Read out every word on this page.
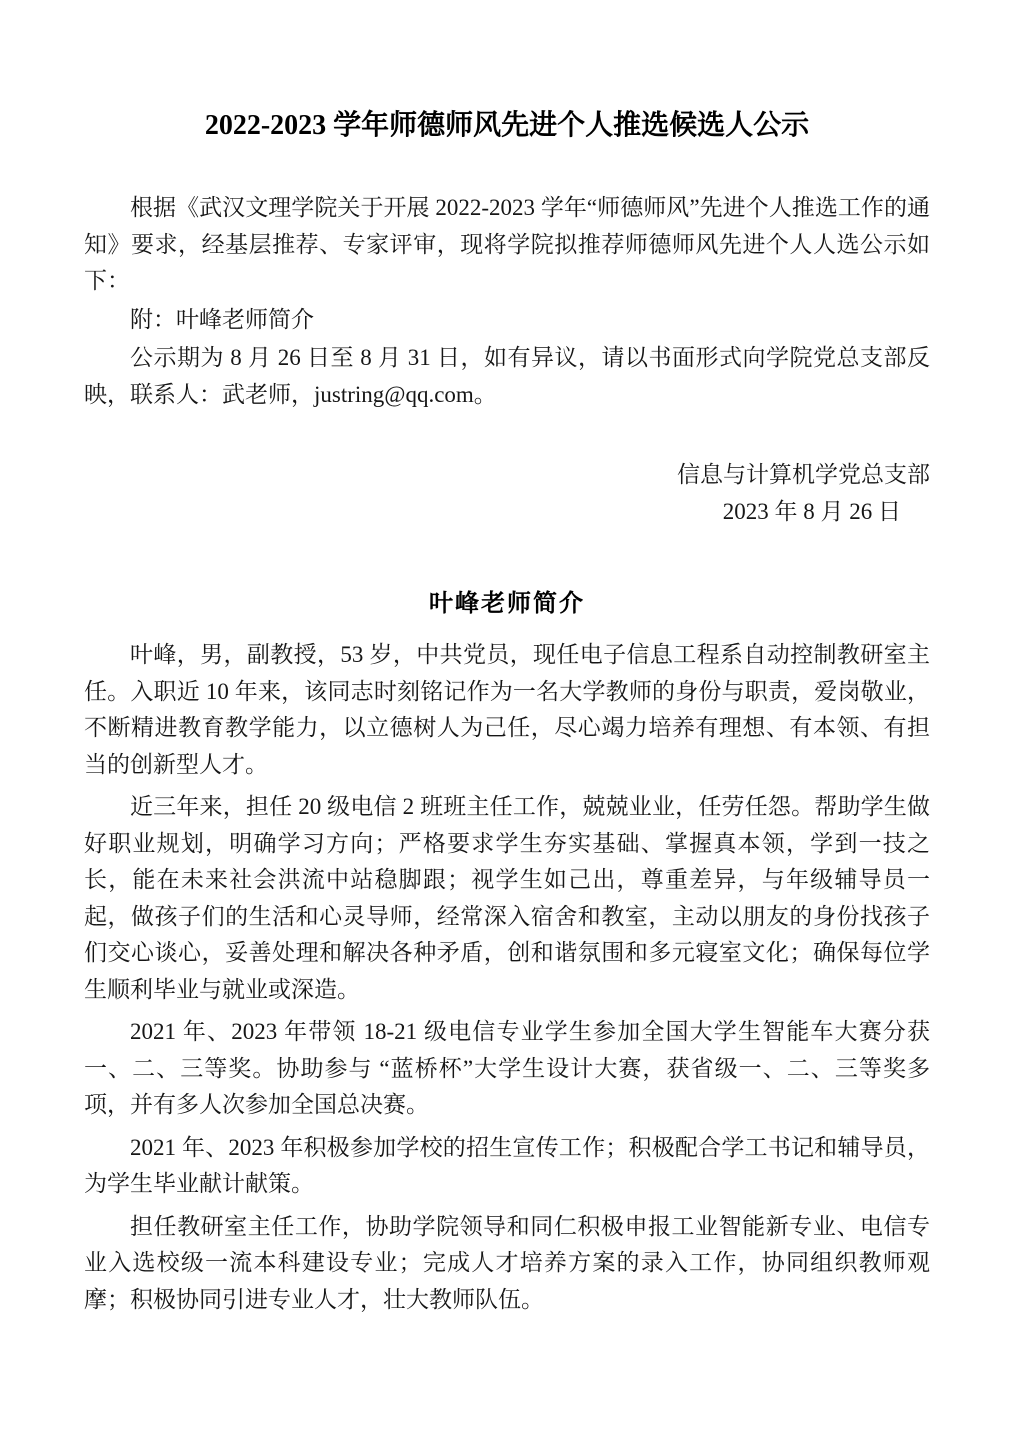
2022-2023 学年师德师风先进个人推选候选人公示

根据《武汉文理学院关于开展 2022-2023 学年“师德师风”先进个人推选工作的通知》要求，经基层推荐、专家评审，现将学院拟推荐师德师风先进个人人选公示如下：

附：叶峰老师简介

公示期为 8 月 26 日至 8 月 31 日，如有异议，请以书面形式向学院党总支部反映，联系人：武老师，justring@qq.com。

信息与计算机学党总支部

2023 年 8 月 26 日

叶峰老师简介

叶峰，男，副教授，53 岁，中共党员，现任电子信息工程系自动控制教研室主任。入职近 10 年来，该同志时刻铭记作为一名大学教师的身份与职责，爱岗敬业，不断精进教育教学能力，以立德树人为己任，尽心竭力培养有理想、有本领、有担当的创新型人才。

近三年来，担任 20 级电信 2 班班主任工作，兢兢业业，任劳任怨。帮助学生做好职业规划，明确学习方向；严格要求学生夯实基础、掌握真本领，学到一技之长，能在未来社会洪流中站稳脚跟；视学生如己出，尊重差异，与年级辅导员一起，做孩子们的生活和心灵导师，经常深入宿舍和教室，主动以朋友的身份找孩子们交心谈心，妥善处理和解决各种矛盾，创和谐氛围和多元寝室文化；确保每位学生顺利毕业与就业或深造。

2021 年、2023 年带领 18-21 级电信专业学生参加全国大学生智能车大赛分获一、二、三等奖。协助参与 “蓝桥杯”大学生设计大赛，获省级一、二、三等奖多项，并有多人次参加全国总决赛。

2021 年、2023 年积极参加学校的招生宣传工作；积极配合学工书记和辅导员，为学生毕业献计献策。

担任教研室主任工作，协助学院领导和同仁积极申报工业智能新专业、电信专业入选校级一流本科建设专业；完成人才培养方案的录入工作，协同组织教师观摩；积极协同引进专业人才，壮大教师队伍。
